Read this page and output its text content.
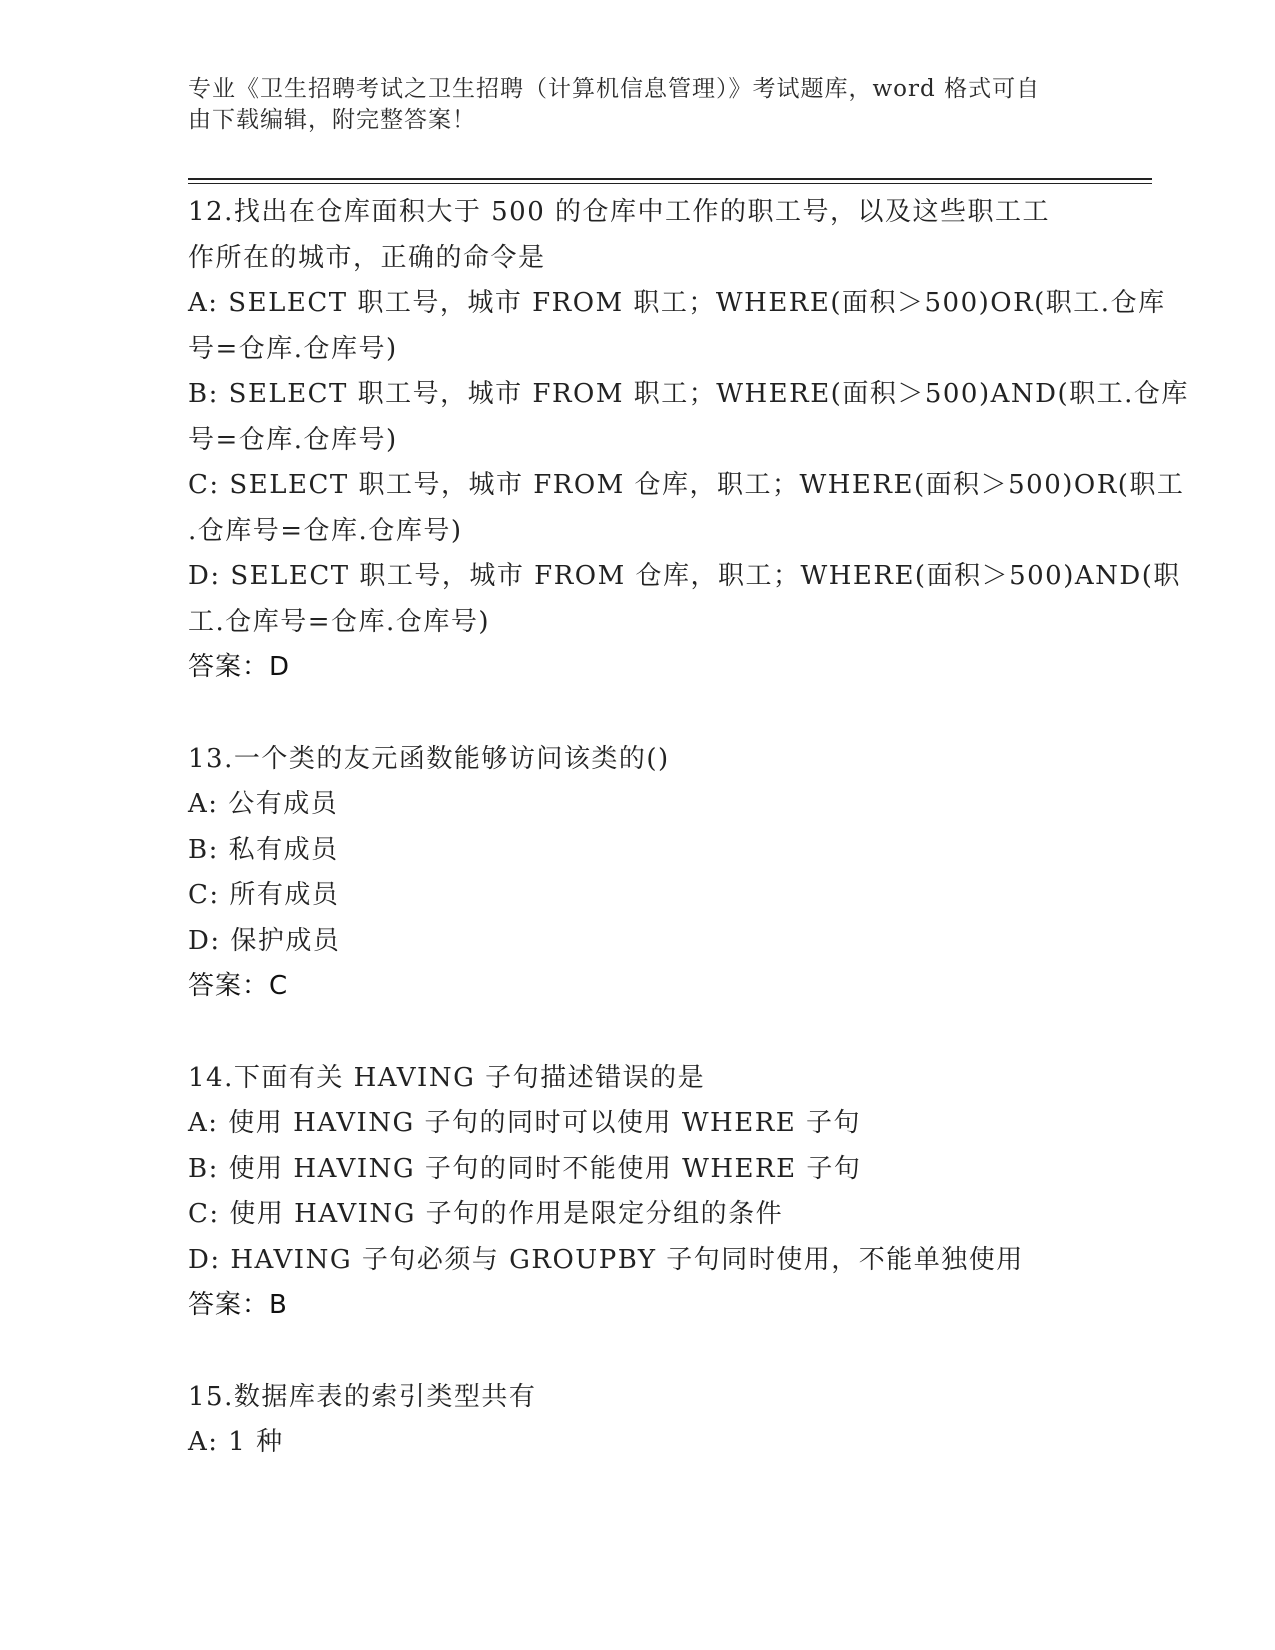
专业《卫生招聘考试之卫生招聘（计算机信息管理）》考试题库，word 格式可自
由下载编辑，附完整答案！
12.找出在仓库面积大于 500 的仓库中工作的职工号，以及这些职工工
作所在的城市，正确的命令是
A: SELECT 职工号，城市 FROM 职工；WHERE(面积＞500)OR(职工.仓库
号=仓库.仓库号)
B: SELECT 职工号，城市 FROM 职工；WHERE(面积＞500)AND(职工.仓库
号=仓库.仓库号)
C: SELECT 职工号，城市 FROM 仓库，职工；WHERE(面积＞500)OR(职工
.仓库号=仓库.仓库号)
D: SELECT 职工号，城市 FROM 仓库，职工；WHERE(面积＞500)AND(职
工.仓库号=仓库.仓库号)
答案：D
13.一个类的友元函数能够访问该类的()
A: 公有成员
B: 私有成员
C: 所有成员
D: 保护成员
答案：C
14.下面有关 HAVING 子句描述错误的是
A: 使用 HAVING 子句的同时可以使用 WHERE 子句
B: 使用 HAVING 子句的同时不能使用 WHERE 子句
C: 使用 HAVING 子句的作用是限定分组的条件
D: HAVING 子句必须与 GROUPBY 子句同时使用，不能单独使用
答案：B
15.数据库表的索引类型共有
A: 1 种
